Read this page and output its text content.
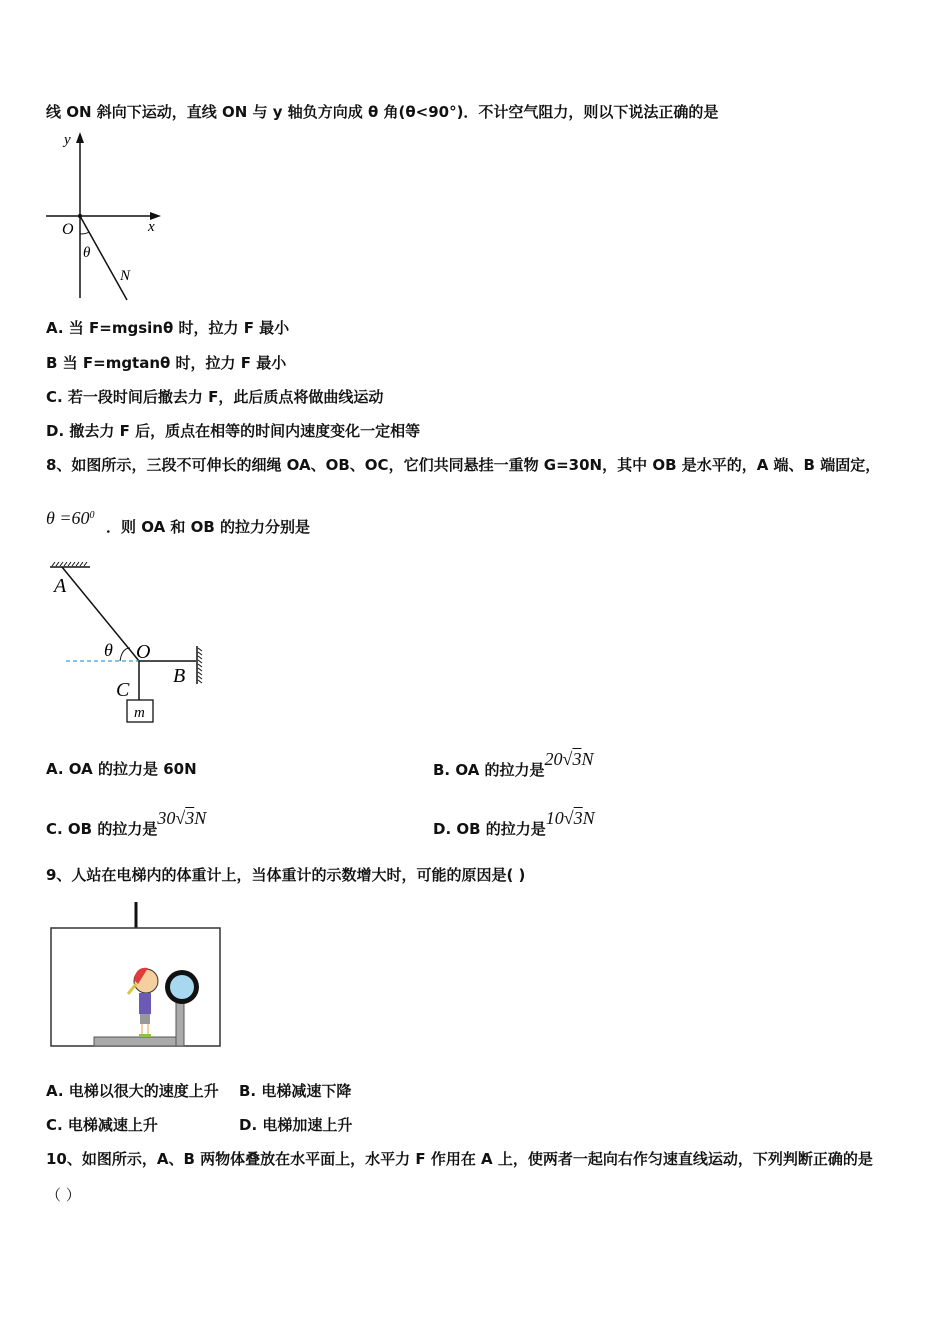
线 ON 斜向下运动，直线 ON 与 y 轴负方向成 θ 角(θ<90°)．不计空气阻力，则以下说法正确的是
y
x
O
θ
N
A. 当 F=mgsinθ 时，拉力 F 最小
B 当 F=mgtanθ 时，拉力 F 最小
C. 若一段时间后撤去力 F，此后质点将做曲线运动
D. 撤去力 F 后，质点在相等的时间内速度变化一定相等
8、如图所示，三段不可伸长的细绳 OA、OB、OC，它们共同悬挂一重物 G=30N，其中 OB 是水平的，A 端、B 端固定，
$\theta =60^0$
．则 OA 和 OB 的拉力分别是
A
θ O
B
C
m
A. OA 的拉力是 60N	B. OA 的拉力是20√3N
C. OB 的拉力是30√3N
D. OB 的拉力是10√3N
9、人站在电梯内的体重计上，当体重计的示数增大时，可能的原因是( )
A. 电梯以很大的速度上升 B. 电梯减速下降
C. 电梯减速上升	D. 电梯加速上升
10、如图所示，A、B 两物体叠放在水平面上，水平力 F 作用在 A 上，使两者一起向右作匀速直线运动，下列判断正确的是
（ ）
